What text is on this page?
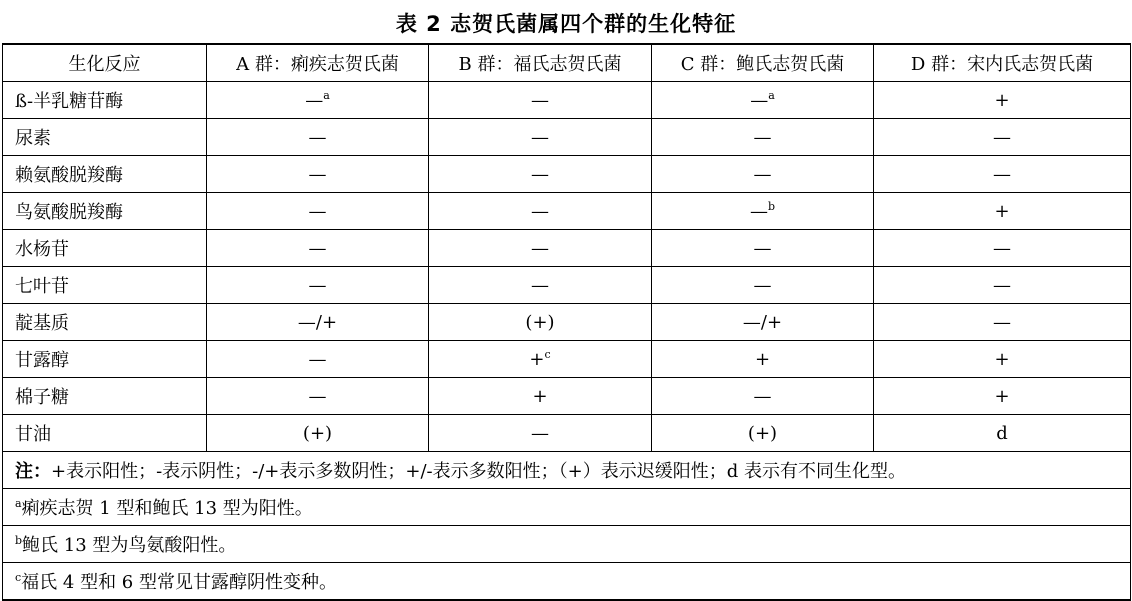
表 2 志贺氏菌属四个群的生化特征
生化反应	A 群：痢疾志贺氏菌	B 群：福氏志贺氏菌	C 群：鲍氏志贺氏菌	D 群：宋内氏志贺氏菌
ß-半乳糖苷酶	—$^a$	—	—$^a$	+
尿素	—	—	—	—
赖氨酸脱羧酶	—	—	—	—
鸟氨酸脱羧酶	—	—	—$^b$	+
水杨苷	—	—	—	—
七叶苷	—	—	—	—
靛基质	—/+	(+)	—/+	—
甘露醇	—	+$^c$	+	+
棉子糖	—	+	—	+
甘油	(+)	—	(+)	d
注：+表示阳性；-表示阴性；-/+表示多数阴性；+/-表示多数阳性；（+）表示迟缓阳性；d 表示有不同生化型。				
$^a$痢疾志贺 1 型和鲍氏 13 型为阳性。				
$^b$鲍氏 13 型为鸟氨酸阳性。				
$^c$福氏 4 型和 6 型常见甘露醇阴性变种。				
